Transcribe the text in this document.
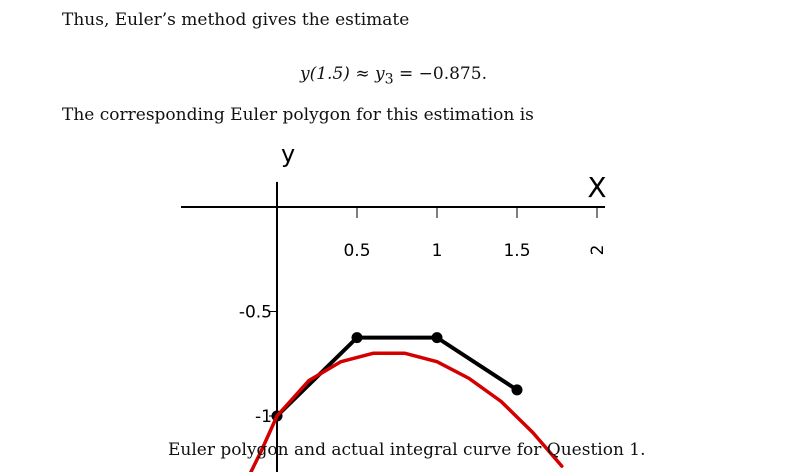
Thus, Euler’s method gives the estimate
$y(1.5) \approx y_3 = -0.875$.
The corresponding Euler polygon for this estimation is
X
y
0.5	1	1.5	2
-0.5
-1
Euler polygon and actual integral curve for Question 1.
